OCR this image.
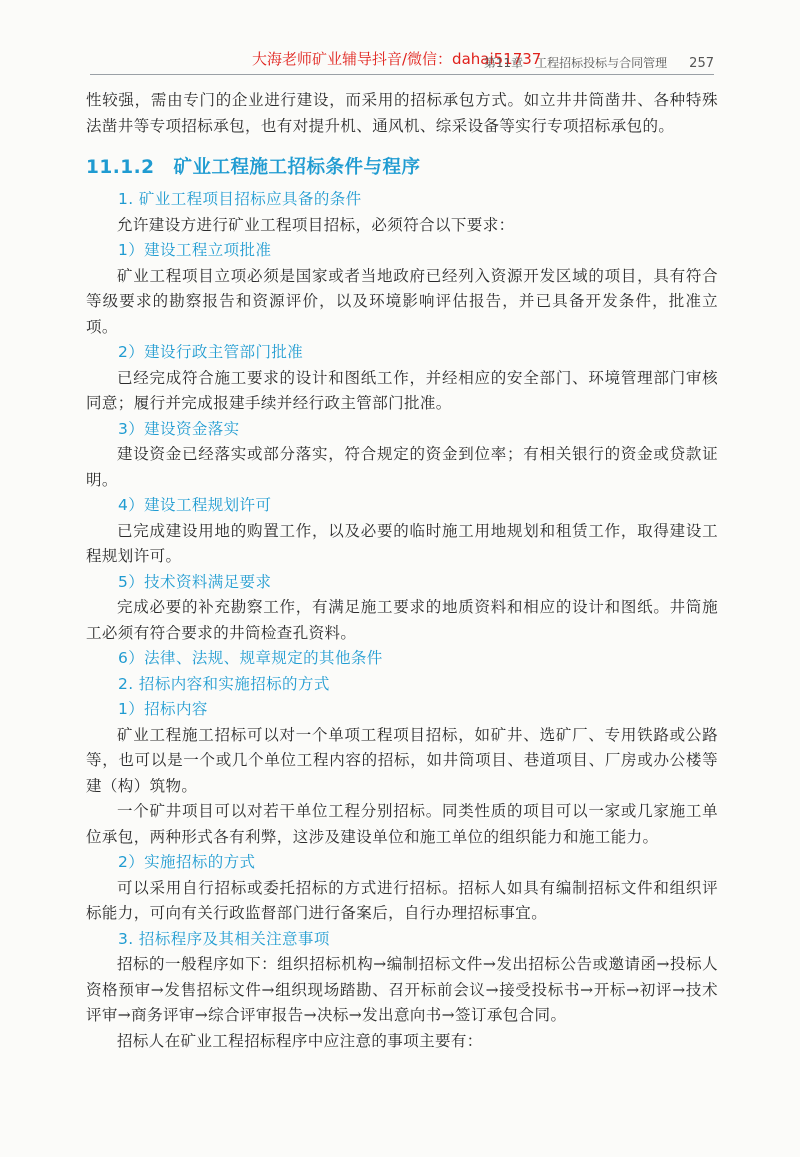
大海老师矿业辅导抖音/微信：dahai51737
第11章　工程招标投标与合同管理 257

性较强，需由专门的企业进行建设，而采用的招标承包方式。如立井井筒凿井、各种特殊法凿井等专项招标承包，也有对提升机、通风机、综采设备等实行专项招标承包的。

11.1.2　矿业工程施工招标条件与程序
1. 矿业工程项目招标应具备的条件

允许建设方进行矿业工程项目招标，必须符合以下要求：

1）建设工程立项批准

矿业工程项目立项必须是国家或者当地政府已经列入资源开发区域的项目，具有符合等级要求的勘察报告和资源评价，以及环境影响评估报告，并已具备开发条件，批准立项。

2）建设行政主管部门批准

已经完成符合施工要求的设计和图纸工作，并经相应的安全部门、环境管理部门审核同意；履行并完成报建手续并经行政主管部门批准。

3）建设资金落实

建设资金已经落实或部分落实，符合规定的资金到位率；有相关银行的资金或贷款证明。

4）建设工程规划许可

已完成建设用地的购置工作，以及必要的临时施工用地规划和租赁工作，取得建设工程规划许可。

5）技术资料满足要求

完成必要的补充勘察工作，有满足施工要求的地质资料和相应的设计和图纸。井筒施工必须有符合要求的井筒检查孔资料。

6）法律、法规、规章规定的其他条件
2. 招标内容和实施招标的方式
1）招标内容

矿业工程施工招标可以对一个单项工程项目招标，如矿井、选矿厂、专用铁路或公路等，也可以是一个或几个单位工程内容的招标，如井筒项目、巷道项目、厂房或办公楼等建（构）筑物。

一个矿井项目可以对若干单位工程分别招标。同类性质的项目可以一家或几家施工单位承包，两种形式各有利弊，这涉及建设单位和施工单位的组织能力和施工能力。

2）实施招标的方式

可以采用自行招标或委托招标的方式进行招标。招标人如具有编制招标文件和组织评标能力，可向有关行政监督部门进行备案后，自行办理招标事宜。

3. 招标程序及其相关注意事项

招标的一般程序如下：组织招标机构→编制招标文件→发出招标公告或邀请函→投标人资格预审→发售招标文件→组织现场踏勘、召开标前会议→接受投标书→开标→初评→技术评审→商务评审→综合评审报告→决标→发出意向书→签订承包合同。

招标人在矿业工程招标程序中应注意的事项主要有：
